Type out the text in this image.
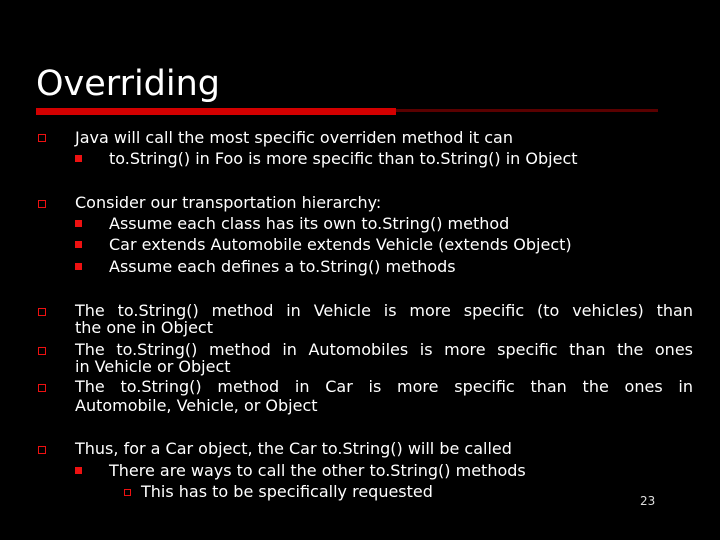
Overriding
Java will call the most specific overriden method it can
to.String() in Foo is more specific than to.String() in Object
Consider our transportation hierarchy:
Assume each class has its own to.String() method
Car extends Automobile extends Vehicle (extends Object)
Assume each defines a to.String() methods
The to.String() method in Vehicle is more specific (to vehicles) than
the one in Object
The to.String() method in Automobiles is more specific than the ones
in Vehicle or Object
The to.String() method in Car is more specific than the ones in
Automobile, Vehicle, or Object
Thus, for a Car object, the Car to.String() will be called
There are ways to call the other to.String() methods
This has to be specifically requested	23
